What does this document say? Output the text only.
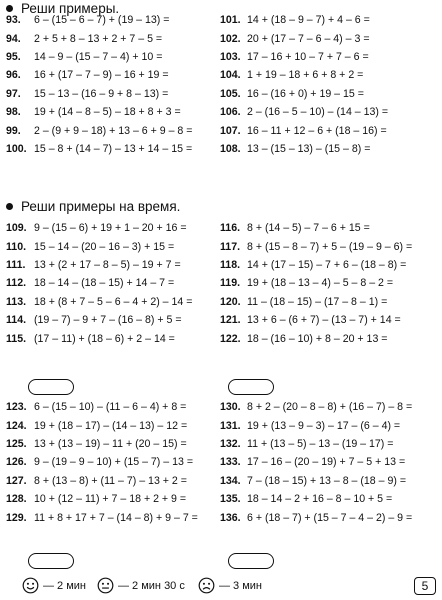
Реши примеры.
93.	6 – (15 – 6 – 7) + (19 – 13) =
94.	2 + 5 + 8 – 13 + 2 + 7 – 5 =
95.	14 – 9 – (15 – 7 – 4) + 10 =
96.	16 + (17 – 7 – 9) – 16 + 19 =
97.	15 – 13 – (16 – 9 + 8 – 13) =
98.	19 + (14 – 8 – 5) – 18 + 8 + 3 =
99.	2 – (9 + 9 – 18) + 13 – 6 + 9 – 8 =
100. 15 – 8 + (14 – 7) – 13 + 14 – 15 =
101. 14 + (18 – 9 – 7) + 4 – 6 =
102. 20 + (17 – 7 – 6 – 4) – 3 =
103. 17 – 16 + 10 – 7 + 7 – 6 =
104. 1 + 19 – 18 + 6 + 8 + 2 =
105. 16 – (16 + 0) + 19 – 15 =
106. 2 – (16 – 5 – 10) – (14 – 13) =
107. 16 – 11 + 12 – 6 + (18 – 16) =
108. 13 – (15 – 13) – (15 – 8) =
Реши примеры на время.
109. 9 – (15 – 6) + 19 + 1 – 20 + 16 =
110. 15 – 14 – (20 – 16 – 3) + 15 =
111. 13 + (2 + 17 – 8 – 5) – 19 + 7 =
112. 18 – 14 – (18 – 15) + 14 – 7 =
113. 18 + (8 + 7 – 5 – 6 – 4 + 2) – 14 =
114. (19 – 7) – 9 + 7 – (16 – 8) + 5 =
115. (17 – 11) + (18 – 6) + 2 – 14 =
116. 8 + (14 – 5) – 7 – 6 + 15 =
117. 8 + (15 – 8 – 7) + 5 – (19 – 9 – 6) =
118. 14 + (17 – 15) – 7 + 6 – (18 – 8) =
119. 19 + (18 – 13 – 4) – 5 – 8 – 2 =
120. 11 – (18 – 15) – (17 – 8 – 1) =
121. 13 + 6 – (6 + 7) – (13 – 7) + 14 =
122. 18 – (16 – 10) + 8 – 20 + 13 =
123. 6 – (15 – 10) – (11 – 6 – 4) + 8 =
124. 19 + (18 – 17) – (14 – 13) – 12 =
125. 13 + (13 – 19) – 11 + (20 – 15) =
126. 9 – (19 – 9 – 10) + (15 – 7) – 13 =
127. 8 + (13 – 8) + (11 – 7) – 13 + 2 =
128. 10 + (12 – 11) + 7 – 18 + 2 + 9 =
129. 11 + 8 + 17 + 7 – (14 – 8) + 9 – 7 =
130. 8 + 2 – (20 – 8 – 8) + (16 – 7) – 8 =
131. 19 + (13 – 9 – 3) – 17 – (6 – 4) =
132. 11 + (13 – 5) – 13 – (19 – 17) =
133. 17 – 16 – (20 – 19) + 7 – 5 + 13 =
134. 7 – (18 – 15) + 13 – 8 – (18 – 9) =
135. 18 – 14 – 2 + 16 – 8 – 10 + 5 =
136. 6 + (18 – 7) + (15 – 7 – 4 – 2) – 9 =
— 2 мин	— 2 мин 30 с	— 3 мин	5
